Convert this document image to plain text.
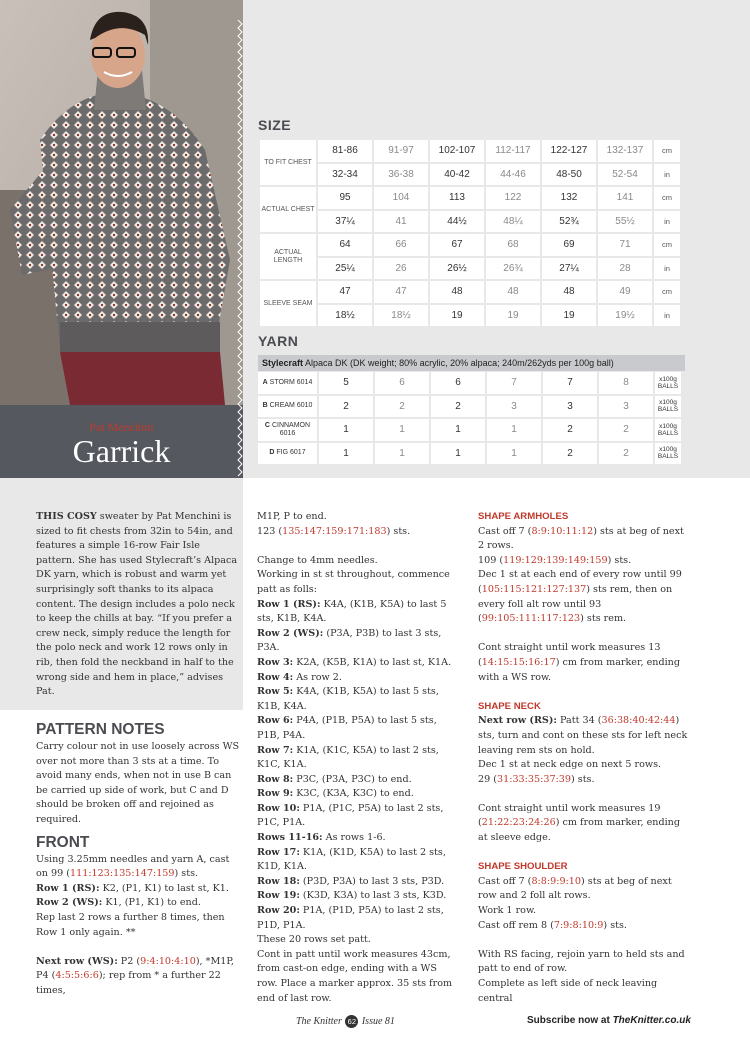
Pat Menchini
Garrick
SIZE
TO FIT CHEST	81-86	91-97	102-107	112-117	122-127	132-137	cm
	32-34	36-38	40-42	44-46	48-50	52-54	in
ACTUAL CHEST	95	104	113	122	132	141	cm
	37¼	41	44½	48¼	52¾	55½	in
ACTUAL LENGTH	64	66	67	68	69	71	cm
	25¼	26	26½	26¾	27¼	28	in
SLEEVE SEAM	47	47	48	48	48	49	cm
	18½	18½	19	19	19	19½	in
YARN
Stylecraft Alpaca DK (DK weight; 80% acrylic, 20% alpaca; 240m/262yds per 100g ball)
A STORM 6014	5	6	6	7	7	8	x100g BALLS
B CREAM 6010	2	2	2	3	3	3	x100g BALLS
C CINNAMON 6016	1	1	1	1	2	2	x100g BALLS
D FIG 6017	1	1	1	1	2	2	x100g BALLS

THIS COSY sweater by Pat Menchini is sized to fit chests from 32in to 54in, and features a simple 16-row Fair Isle pattern. She has used Stylecraft’s Alpaca DK yarn, which is robust and warm yet surprisingly soft thanks to its alpaca content. The design includes a polo neck to keep the chills at bay. “If you prefer a crew neck, simply reduce the length for the polo neck and work 12 rows only in rib, then fold the neckband in half to the wrong side and hem in place,” advises Pat.

PATTERN NOTES

Carry colour not in use loosely across WS over not more than 3 sts at a time. To avoid many ends, when not in use B can be carried up side of work, but C and D should be broken off and rejoined as required.

FRONT

Using 3.25mm needles and yarn A, cast on 99 (111:123:135:147:159) sts.

Row 1 (RS): K2, (P1, K1) to last st, K1.

Row 2 (WS): K1, (P1, K1) to end.

Rep last 2 rows a further 8 times, then Row 1 only again. **

Next row (WS): P2 (9:4:10:4:10), *M1P, P4 (4:5:5:6:6); rep from * a further 22 times,

M1P, P to end.

123 (135:147:159:171:183) sts.

Change to 4mm needles.

Working in st st throughout, commence patt as folls:

Row 1 (RS): K4A, (K1B, K5A) to last 5 sts, K1B, K4A.

Row 2 (WS): (P3A, P3B) to last 3 sts, P3A.

Row 3: K2A, (K5B, K1A) to last st, K1A.

Row 4: As row 2.

Row 5: K4A, (K1B, K5A) to last 5 sts, K1B, K4A.

Row 6: P4A, (P1B, P5A) to last 5 sts, P1B, P4A.

Row 7: K1A, (K1C, K5A) to last 2 sts, K1C, K1A.

Row 8: P3C, (P3A, P3C) to end.

Row 9: K3C, (K3A, K3C) to end.

Row 10: P1A, (P1C, P5A) to last 2 sts, P1C, P1A.

Rows 11-16: As rows 1-6.

Row 17: K1A, (K1D, K5A) to last 2 sts, K1D, K1A.

Row 18: (P3D, P3A) to last 3 sts, P3D.

Row 19: (K3D, K3A) to last 3 sts, K3D.

Row 20: P1A, (P1D, P5A) to last 2 sts, P1D, P1A.

These 20 rows set patt.

Cont in patt until work measures 43cm, from cast-on edge, ending with a WS row. Place a marker approx. 35 sts from end of last row.

SHAPE ARMHOLES

Cast off 7 (8:9:10:11:12) sts at beg of next 2 rows.

109 (119:129:139:149:159) sts.

Dec 1 st at each end of every row until 99 (105:115:121:127:137) sts rem, then on every foll alt row until 93 (99:105:111:117:123) sts rem.

Cont straight until work measures 13 (14:15:15:16:17) cm from marker, ending with a WS row.

SHAPE NECK

Next row (RS): Patt 34 (36:38:40:42:44) sts, turn and cont on these sts for left neck leaving rem sts on hold.

Dec 1 st at neck edge on next 5 rows.

29 (31:33:35:37:39) sts.

Cont straight until work measures 19 (21:22:23:24:26) cm from marker, ending at sleeve edge.

SHAPE SHOULDER

Cast off 7 (8:8:9:9:10) sts at beg of next row and 2 foll alt rows.

Work 1 row.

Cast off rem 8 (7:9:8:10:9) sts.

With RS facing, rejoin yarn to held sts and patt to end of row.

Complete as left side of neck leaving central

The Knitter 62 Issue 81	Subscribe now at TheKnitter.co.uk
